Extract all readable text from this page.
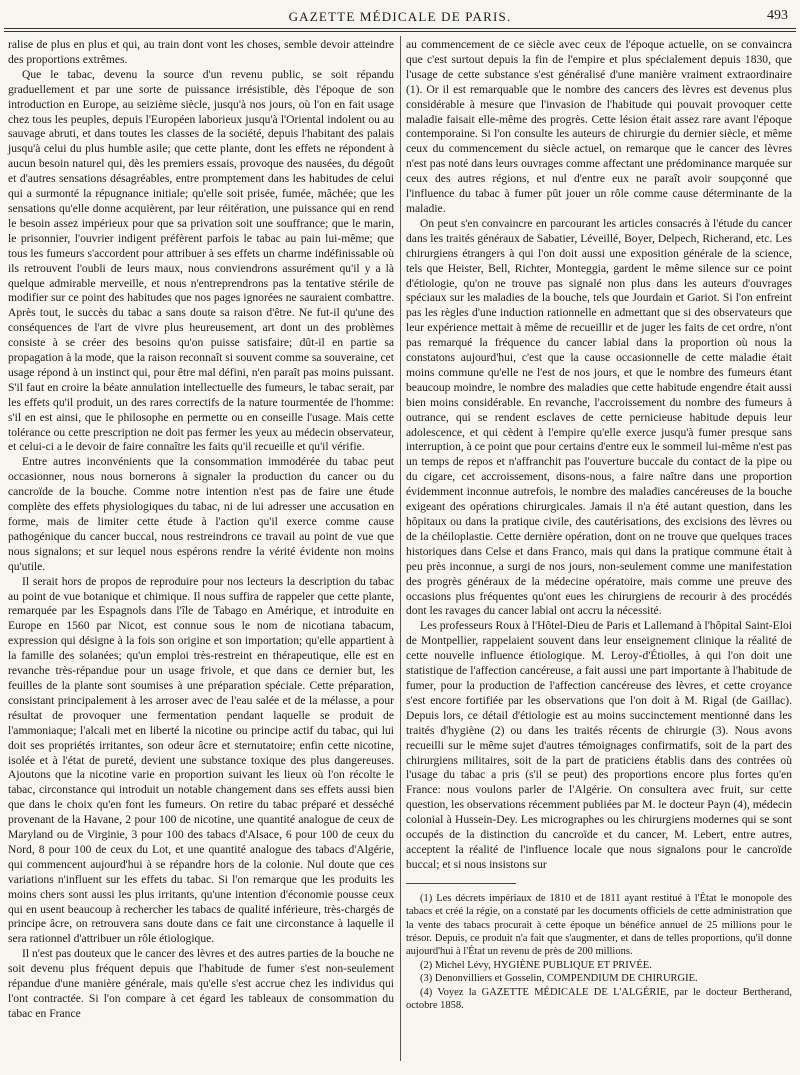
GAZETTE MÉDICALE DE PARIS.	493

ralise de plus en plus et qui, au train dont vont les choses, semble devoir atteindre des proportions extrêmes.

Que le tabac, devenu la source d'un revenu public, se soit répandu graduellement et par une sorte de puissance irrésistible, dès l'époque de son introduction en Europe, au seizième siècle, jusqu'à nos jours, où l'on en fait usage chez tous les peuples, depuis l'Européen laborieux jusqu'à l'Oriental indolent ou au sauvage abruti, et dans toutes les classes de la société, depuis l'habitant des palais jusqu'à celui du plus humble asile; que cette plante, dont les effets ne répondent à aucun besoin naturel qui, dès les premiers essais, provoque des nausées, du dégoût et d'autres sensations désagréables, entre promptement dans les habitudes de celui qui a surmonté la répugnance initiale; qu'elle soit prisée, fumée, mâchée; que les sensations qu'elle donne acquièrent, par leur réitération, une puissance qui en rend le besoin assez impérieux pour que sa privation soit une souffrance; que le marin, le prisonnier, l'ouvrier indigent préfèrent parfois le tabac au pain lui-même; que tous les fumeurs s'accordent pour attribuer à ses effets un charme indéfinissable où ils retrouvent l'oubli de leurs maux, nous conviendrons assurément qu'il y a là quelque admirable merveille, et nous n'entreprendrons pas la tentative stérile de modifier sur ce point des habitudes que nos pages ignorées ne sauraient combattre. Après tout, le succès du tabac a sans doute sa raison d'être. Ne fut-il qu'une des conséquences de l'art de vivre plus heureusement, art dont un des problèmes consiste à se créer des besoins qu'on puisse satisfaire; dût-il en partie sa propagation à la mode, que la raison reconnaît si souvent comme sa souveraine, cet usage répond à un instinct qui, pour être mal défini, n'en paraît pas moins puissant. S'il faut en croire la béate annulation intellectuelle des fumeurs, le tabac serait, par les effets qu'il produit, un des rares correctifs de la nature tourmentée de l'homme: s'il en est ainsi, que le philosophe en permette ou en conseille l'usage. Mais cette tolérance ou cette prescription ne doit pas fermer les yeux au médecin observateur, et celui-ci a le devoir de faire connaître les faits qu'il recueille et qu'il vérifie.

Entre autres inconvénients que la consommation immodérée du tabac peut occasionner, nous nous bornerons à signaler la production du cancer ou du cancroïde de la bouche. Comme notre intention n'est pas de faire une étude complète des effets physiologiques du tabac, ni de lui adresser une accusation en forme, mais de limiter cette étude à l'action qu'il exerce comme cause pathogénique du cancer buccal, nous restreindrons ce travail au point de vue que nous signalons; et sur lequel nous espérons rendre la vérité évidente non moins qu'utile.

Il serait hors de propos de reproduire pour nos lecteurs la description du tabac au point de vue botanique et chimique. Il nous suffira de rappeler que cette plante, remarquée par les Espagnols dans l'île de Tabago en Amérique, et introduite en Europe en 1560 par Nicot, est connue sous le nom de nicotiana tabacum, expression qui désigne à la fois son origine et son importation; qu'elle appartient à la famille des solanées; qu'un emploi très-restreint en thérapeutique, elle est en revanche très-répandue pour un usage frivole, et que dans ce dernier but, les feuilles de la plante sont soumises à une préparation spéciale. Cette préparation, consistant principalement à les arroser avec de l'eau salée et de la mélasse, a pour résultat de provoquer une fermentation pendant laquelle se produit de l'ammoniaque; l'alcali met en liberté la nicotine ou principe actif du tabac, qui lui doit ses propriétés irritantes, son odeur âcre et sternutatoire; enfin cette nicotine, isolée et à l'état de pureté, devient une substance toxique des plus dangereuses. Ajoutons que la nicotine varie en proportion suivant les lieux où l'on récolte le tabac, circonstance qui introduit un notable changement dans ses effets aussi bien que dans le choix qu'en font les fumeurs. On retire du tabac préparé et desséché provenant de la Havane, 2 pour 100 de nicotine, une quantité analogue de ceux de Maryland ou de Virginie, 3 pour 100 des tabacs d'Alsace, 6 pour 100 de ceux du Nord, 8 pour 100 de ceux du Lot, et une quantité analogue des tabacs d'Algérie, qui commencent aujourd'hui à se répandre hors de la colonie. Nul doute que ces variations n'influent sur les effets du tabac. Si l'on remarque que les produits les moins chers sont aussi les plus irritants, qu'une intention d'économie pousse ceux qui en usent beaucoup à rechercher les tabacs de qualité inférieure, très-chargés de principe âcre, on retrouvera sans doute dans ce fait une circonstance à laquelle il sera rationnel d'attribuer un rôle étiologique.

Il n'est pas douteux que le cancer des lèvres et des autres parties de la bouche ne soit devenu plus fréquent depuis que l'habitude de fumer s'est non-seulement répandue d'une manière générale, mais qu'elle s'est accrue chez les individus qui l'ont contractée. Si l'on compare à cet égard les tableaux de consommation du tabac en France

au commencement de ce siècle avec ceux de l'époque actuelle, on se convaincra que c'est surtout depuis la fin de l'empire et plus spécialement depuis 1830, que l'usage de cette substance s'est généralisé d'une manière vraiment extraordinaire (1). Or il est remarquable que le nombre des cancers des lèvres est devenus plus considérable à mesure que l'invasion de l'habitude qui pouvait provoquer cette maladie faisait elle-même des progrès. Cette lésion était assez rare avant l'époque contemporaine. Si l'on consulte les auteurs de chirurgie du dernier siècle, et même ceux du commencement du siècle actuel, on remarque que le cancer des lèvres n'est pas noté dans leurs ouvrages comme affectant une prédominance marquée sur ceux des autres régions, et nul d'entre eux ne paraît avoir soupçonné que l'influence du tabac à fumer pût jouer un rôle comme cause déterminante de la maladie.

On peut s'en convaincre en parcourant les articles consacrés à l'étude du cancer dans les traités généraux de Sabatier, Léveillé, Boyer, Delpech, Richerand, etc. Les chirurgiens étrangers à qui l'on doit aussi une exposition générale de la science, tels que Heister, Bell, Richter, Monteggia, gardent le même silence sur ce point d'étiologie, qu'on ne trouve pas signalé non plus dans les auteurs d'ouvrages spéciaux sur les maladies de la bouche, tels que Jourdain et Gariot. Si l'on enfreint pas les règles d'une induction rationnelle en admettant que si des observateurs que leur expérience mettait à même de recueillir et de juger les faits de cet ordre, n'ont pas remarqué la fréquence du cancer labial dans la proportion où nous la constatons aujourd'hui, c'est que la cause occasionnelle de cette maladie était moins commune qu'elle ne l'est de nos jours, et que le nombre des fumeurs étant beaucoup moindre, le nombre des maladies que cette habitude engendre était aussi bien moins considérable. En revanche, l'accroissement du nombre des fumeurs à outrance, qui se rendent esclaves de cette pernicieuse habitude depuis leur adolescence, et qui cèdent à l'empire qu'elle exerce jusqu'à fumer presque sans interruption, à ce point que pour certains d'entre eux le sommeil lui-même n'est pas un temps de repos et n'affranchit pas l'ouverture buccale du contact de la pipe ou du cigare, cet accroissement, disons-nous, a faire naître dans une proportion évidemment inconnue autrefois, le nombre des maladies cancéreuses de la bouche exigeant des opérations chirurgicales. Jamais il n'a été autant question, dans les hôpitaux ou dans la pratique civile, des cautérisations, des excisions des lèvres ou de la chéiloplastie. Cette dernière opération, dont on ne trouve que quelques traces historiques dans Celse et dans Franco, mais qui dans la pratique commune était à peu près inconnue, a surgi de nos jours, non-seulement comme une manifestation des progrès généraux de la médecine opératoire, mais comme une preuve des occasions plus fréquentes qu'ont eues les chirurgiens de recourir à des procédés dont les ravages du cancer labial ont accru la nécessité.

Les professeurs Roux à l'Hôtel-Dieu de Paris et Lallemand à l'hôpital Saint-Eloi de Montpellier, rappelaient souvent dans leur enseignement clinique la réalité de cette nouvelle influence étiologique. M. Leroy-d'Étiolles, à qui l'on doit une statistique de l'affection cancéreuse, a fait aussi une part importante à l'habitude de fumer, pour la production de l'affection cancéreuse des lèvres, et cette croyance s'est encore fortifiée par les observations que l'on doit à M. Rigal (de Gaillac). Depuis lors, ce détail d'étiologie est au moins succinctement mentionné dans les traités d'hygiène (2) ou dans les traités récents de chirurgie (3). Nous avons recueilli sur le même sujet d'autres témoignages confirmatifs, soit de la part des chirurgiens militaires, soit de la part de praticiens établis dans des contrées où l'usage du tabac a pris (s'il se peut) des proportions encore plus fortes qu'en France: nous voulons parler de l'Algérie. On consultera avec fruit, sur cette question, les observations récemment publiées par M. le docteur Payn (4), médecin colonial à Hussein-Dey. Les micrographes ou les chirurgiens modernes qui se sont occupés de la distinction du cancroïde et du cancer, M. Lebert, entre autres, acceptent la réalité de l'influence locale que nous signalons pour le cancroïde buccal; et si nous insistons sur

(1) Les décrets impériaux de 1810 et de 1811 ayant restitué à l'État le monopole des tabacs et créé la régie, on a constaté par les documents officiels de cette administration que la vente des tabacs procurait à cette époque un bénéfice annuel de 25 millions pour le trésor. Depuis, ce produit n'a fait que s'augmenter, et dans de telles proportions, qu'il donne aujourd'hui à l'État un revenu de près de 200 millions.

(2) Michel Lévy, HYGIÈNE PUBLIQUE ET PRIVÉE.

(3) Denonvilliers et Gosselin, COMPENDIUM DE CHIRURGIE.

(4) Voyez la GAZETTE MÉDICALE DE L'ALGÉRIE, par le docteur Bertherand, octobre 1858.
